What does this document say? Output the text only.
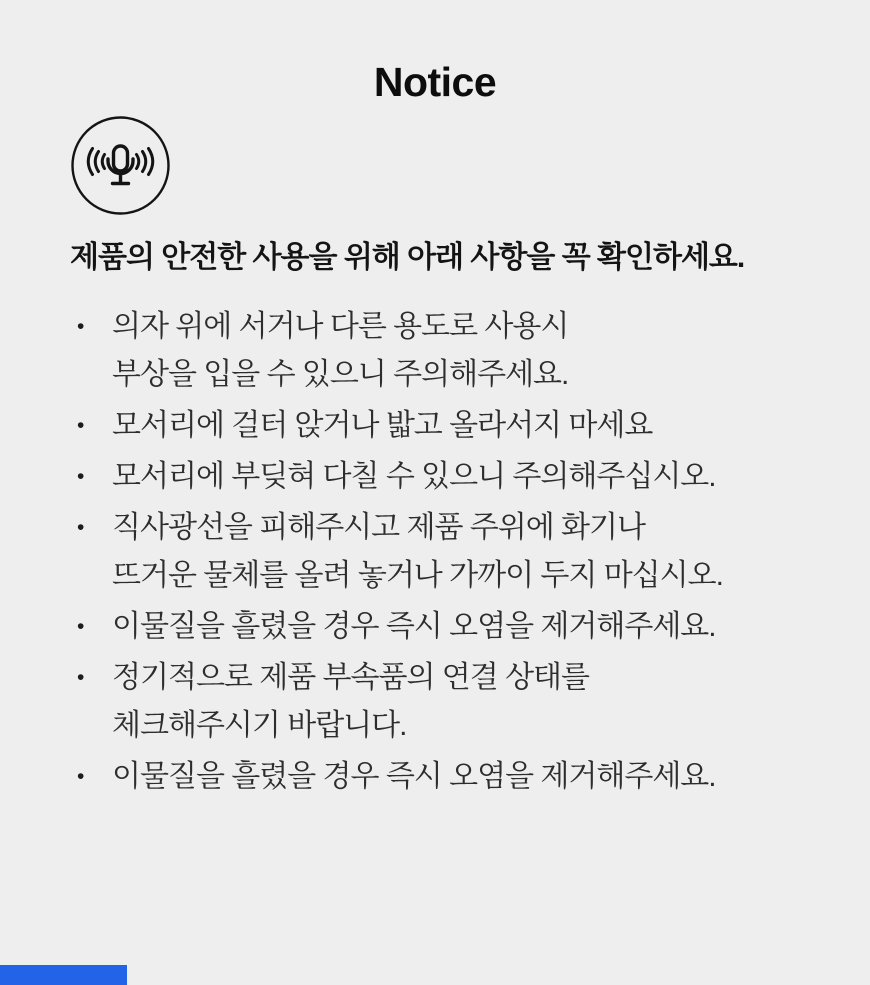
Notice
제품의 안전한 사용을 위해 아래 사항을 꼭 확인하세요.
• 의자 위에 서거나 다른 용도로 사용시
부상을 입을 수 있으니 주의해주세요.
• 모서리에 걸터 앉거나 밟고 올라서지 마세요
• 모서리에 부딪혀 다칠 수 있으니 주의해주십시오.
• 직사광선을 피해주시고 제품 주위에 화기나
뜨거운 물체를 올려 놓거나 가까이 두지 마십시오.
• 이물질을 흘렸을 경우 즉시 오염을 제거해주세요.
• 정기적으로 제품 부속품의 연결 상태를
체크해주시기 바랍니다.
• 이물질을 흘렸을 경우 즉시 오염을 제거해주세요.
